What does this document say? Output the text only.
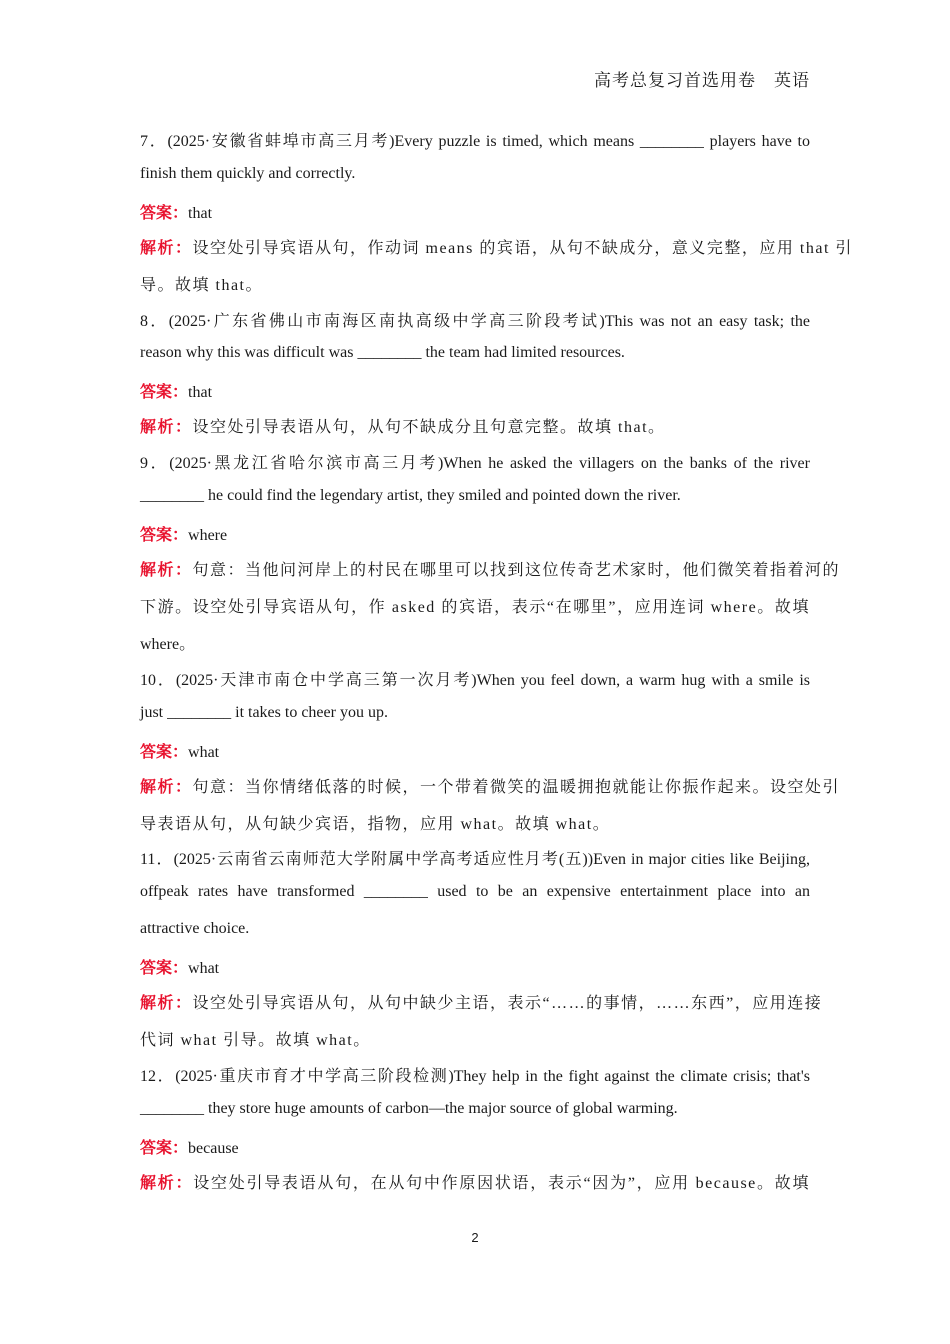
高考总复习首选用卷　英语
7．(2025·安徽省蚌埠市高三月考)Every puzzle is timed, which means ________ players have to
finish them quickly and correctly.
答案：that
解析：设空处引导宾语从句，作动词 means 的宾语，从句不缺成分，意义完整，应用 that 引
导。故填 that。
8．(2025·广东省佛山市南海区南执高级中学高三阶段考试)This was not an easy task; the
reason why this was difficult was ________ the team had limited resources.
答案：that
解析：设空处引导表语从句，从句不缺成分且句意完整。故填 that。
9．(2025·黑龙江省哈尔滨市高三月考)When he asked the villagers on the banks of the river
________ he could find the legendary artist, they smiled and pointed down the river.
答案：where
解析：句意：当他问河岸上的村民在哪里可以找到这位传奇艺术家时，他们微笑着指着河的
下游。设空处引导宾语从句，作 asked 的宾语，表示“在哪里”，应用连词 where。故填
where。
10．(2025·天津市南仓中学高三第一次月考)When you feel down, a warm hug with a smile is
just ________ it takes to cheer you up.
答案：what
解析：句意：当你情绪低落的时候，一个带着微笑的温暖拥抱就能让你振作起来。设空处引
导表语从句，从句缺少宾语，指物，应用 what。故填 what。
11．(2025·云南省云南师范大学附属中学高考适应性月考(五))Even in major cities like Beijing,
offpeak rates have transformed ________ used to be an expensive entertainment place into an
attractive choice.
答案：what
解析：设空处引导宾语从句，从句中缺少主语，表示“……的事情，……东西”，应用连接
代词 what 引导。故填 what。
12．(2025·重庆市育才中学高三阶段检测)They help in the fight against the climate crisis; that's
________ they store huge amounts of carbon—the major source of global warming.
答案：because
解析：设空处引导表语从句，在从句中作原因状语，表示“因为”，应用 because。故填
2
